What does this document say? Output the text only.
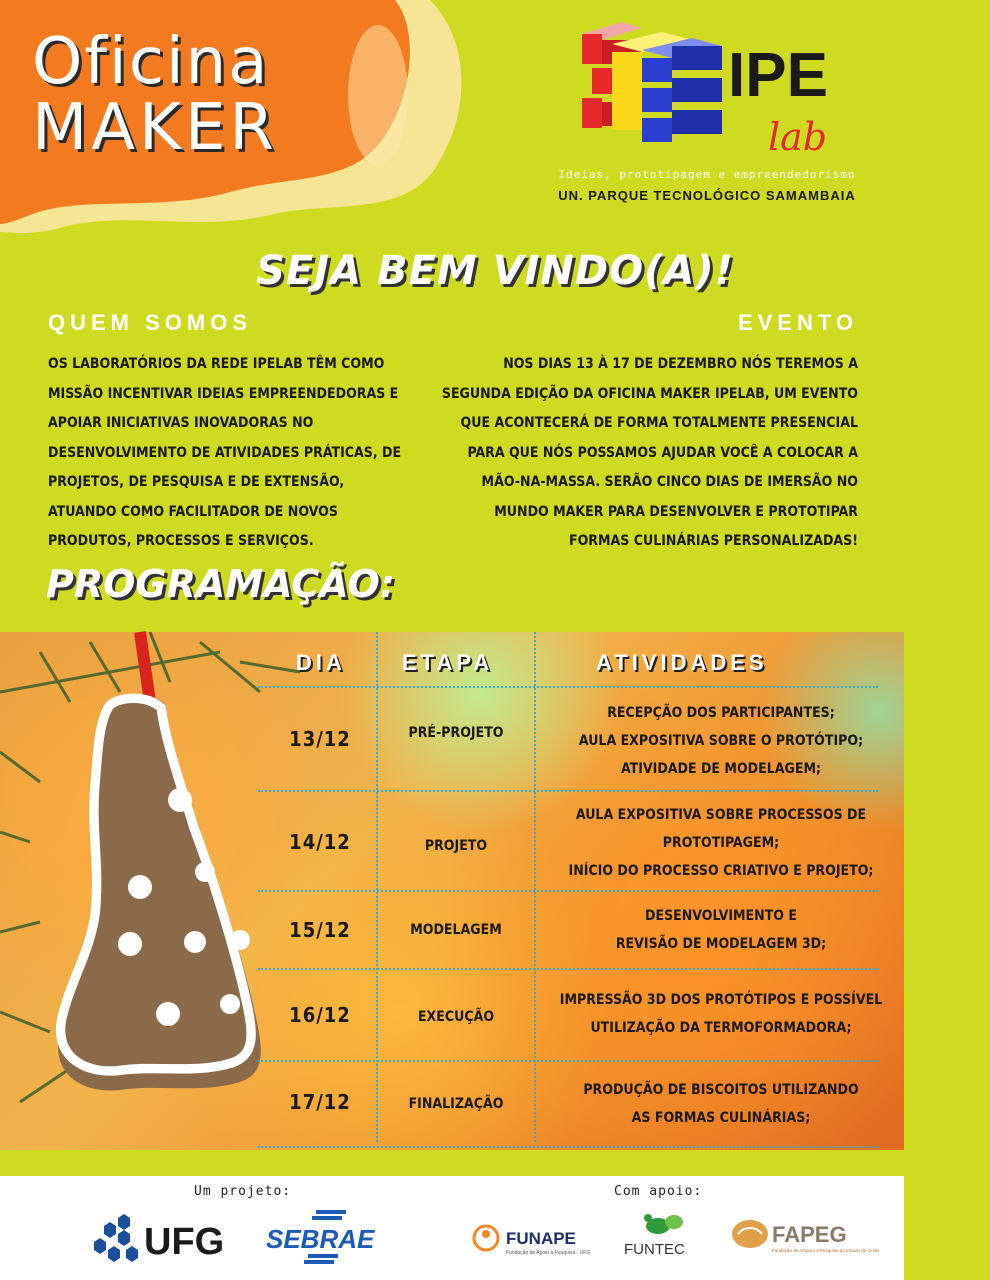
Oficina
MAKER
IPE
lab
Ideias, prototipagem e empreendedorismo
UN. PARQUE TECNOLÓGICO SAMAMBAIA
SEJA BEM VINDO(A)!
QUEM SOMOS	EVENTO
OS LABORATÓRIOS DA REDE IPELAB TÊM COMO
MISSÃO INCENTIVAR IDEIAS EMPREENDEDORAS E
APOIAR INICIATIVAS INOVADORAS NO
DESENVOLVIMENTO DE ATIVIDADES PRÁTICAS, DE
PROJETOS, DE PESQUISA E DE EXTENSÃO,
ATUANDO COMO FACILITADOR DE NOVOS
PRODUTOS, PROCESSOS E SERVIÇOS.
NOS DIAS 13 À 17 DE DEZEMBRO NÓS TEREMOS A
SEGUNDA EDIÇÃO DA OFICINA MAKER IPELAB, UM EVENTO
QUE ACONTECERÁ DE FORMA TOTALMENTE PRESENCIAL
PARA QUE NÓS POSSAMOS AJUDAR VOCÊ A COLOCAR A
MÃO-NA-MASSA. SERÃO CINCO DIAS DE IMERSÃO NO
MUNDO MAKER PARA DESENVOLVER E PROTOTIPAR
FORMAS CULINÁRIAS PERSONALIZADAS!
PROGRAMAÇÃO:
DIA	ETAPA	ATIVIDADES
13/12	PRÉ-PROJETO
RECEPÇÃO DOS PARTICIPANTES;
AULA EXPOSITIVA SOBRE O PROTÓTIPO;
ATIVIDADE DE MODELAGEM;
14/12	PROJETO
AULA EXPOSITIVA SOBRE PROCESSOS DE
PROTOTIPAGEM;
INÍCIO DO PROCESSO CRIATIVO E PROJETO;
15/12	MODELAGEM
DESENVOLVIMENTO E
REVISÃO DE MODELAGEM 3D;
16/12	EXECUÇÃO
IMPRESSÃO 3D DOS PROTÓTIPOS E POSSÍVEL
UTILIZAÇÃO DA TERMOFORMADORA;
17/12	FINALIZAÇÃO
PRODUÇÃO DE BISCOITOS UTILIZANDO
AS FORMAS CULINÁRIAS;
Um projeto:	Com apoio:
UFG SEBRAE	FUNAPE
Fundação de Apoio à Pesquisa - UFG FUNTEC
FAPEG
Fundação de Amparo à Pesquisa do Estado de Goiás
